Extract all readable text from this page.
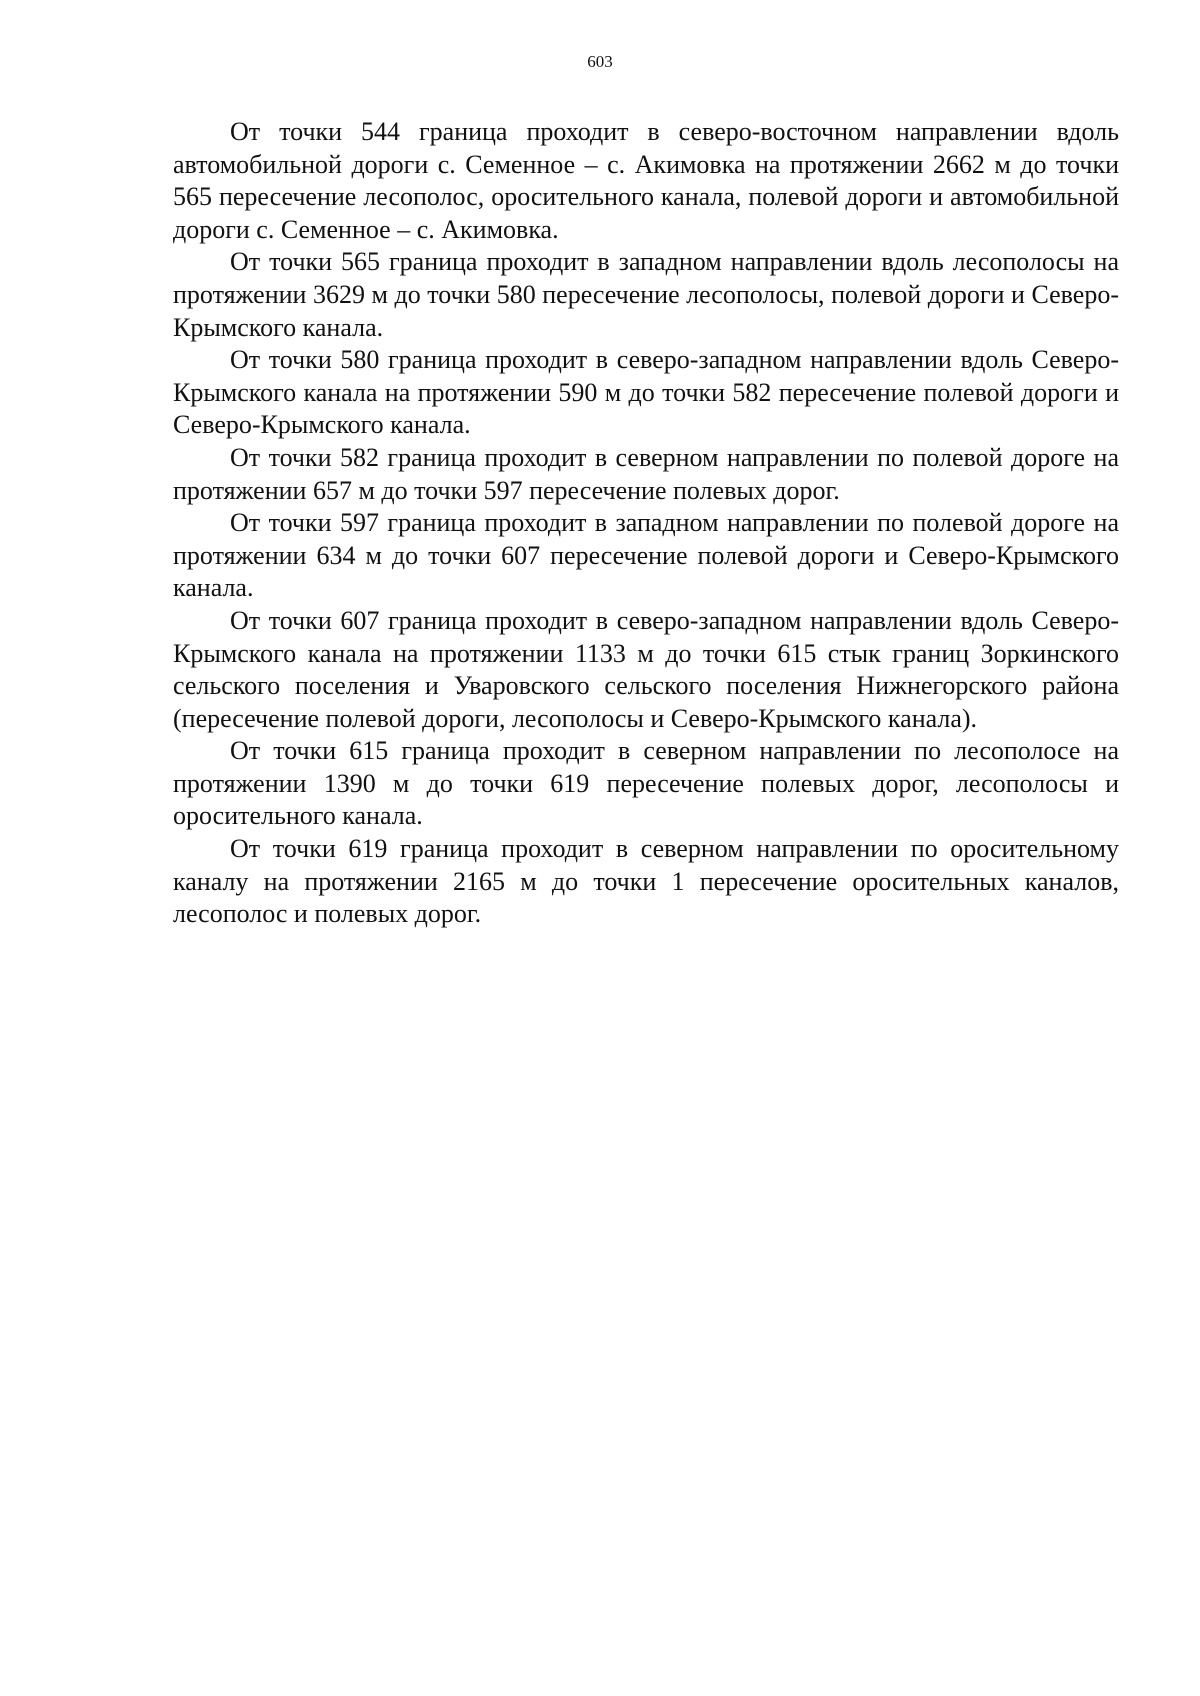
603

От точки 544 граница проходит в северо-восточном направлении вдоль автомобильной дороги с. Семенное – с. Акимовка на протяжении 2662 м до точки 565 пересечение лесополос, оросительного канала, полевой дороги и автомобильной дороги с. Семенное – с. Акимовка.

От точки 565 граница проходит в западном направлении вдоль лесополосы на протяжении 3629 м до точки 580 пересечение лесополосы, полевой дороги и Северо-Крымского канала.

От точки 580 граница проходит в северо-западном направлении вдоль Северо-Крымского канала на протяжении 590 м до точки 582 пересечение полевой дороги и Северо-Крымского канала.

От точки 582 граница проходит в северном направлении по полевой дороге на протяжении 657 м до точки 597 пересечение полевых дорог.

От точки 597 граница проходит в западном направлении по полевой дороге на протяжении 634 м до точки 607 пересечение полевой дороги и Северо-Крымского канала.

От точки 607 граница проходит в северо-западном направлении вдоль Северо-Крымского канала на протяжении 1133 м до точки 615 стык границ Зоркинского сельского поселения и Уваровского сельского поселения Нижнегорского района (пересечение полевой дороги, лесополосы и Северо-Крымского канала).

От точки 615 граница проходит в северном направлении по лесополосе на протяжении 1390 м до точки 619 пересечение полевых дорог, лесополосы и оросительного канала.

От точки 619 граница проходит в северном направлении по оросительному каналу на протяжении 2165 м до точки 1 пересечение оросительных каналов, лесополос и полевых дорог.
